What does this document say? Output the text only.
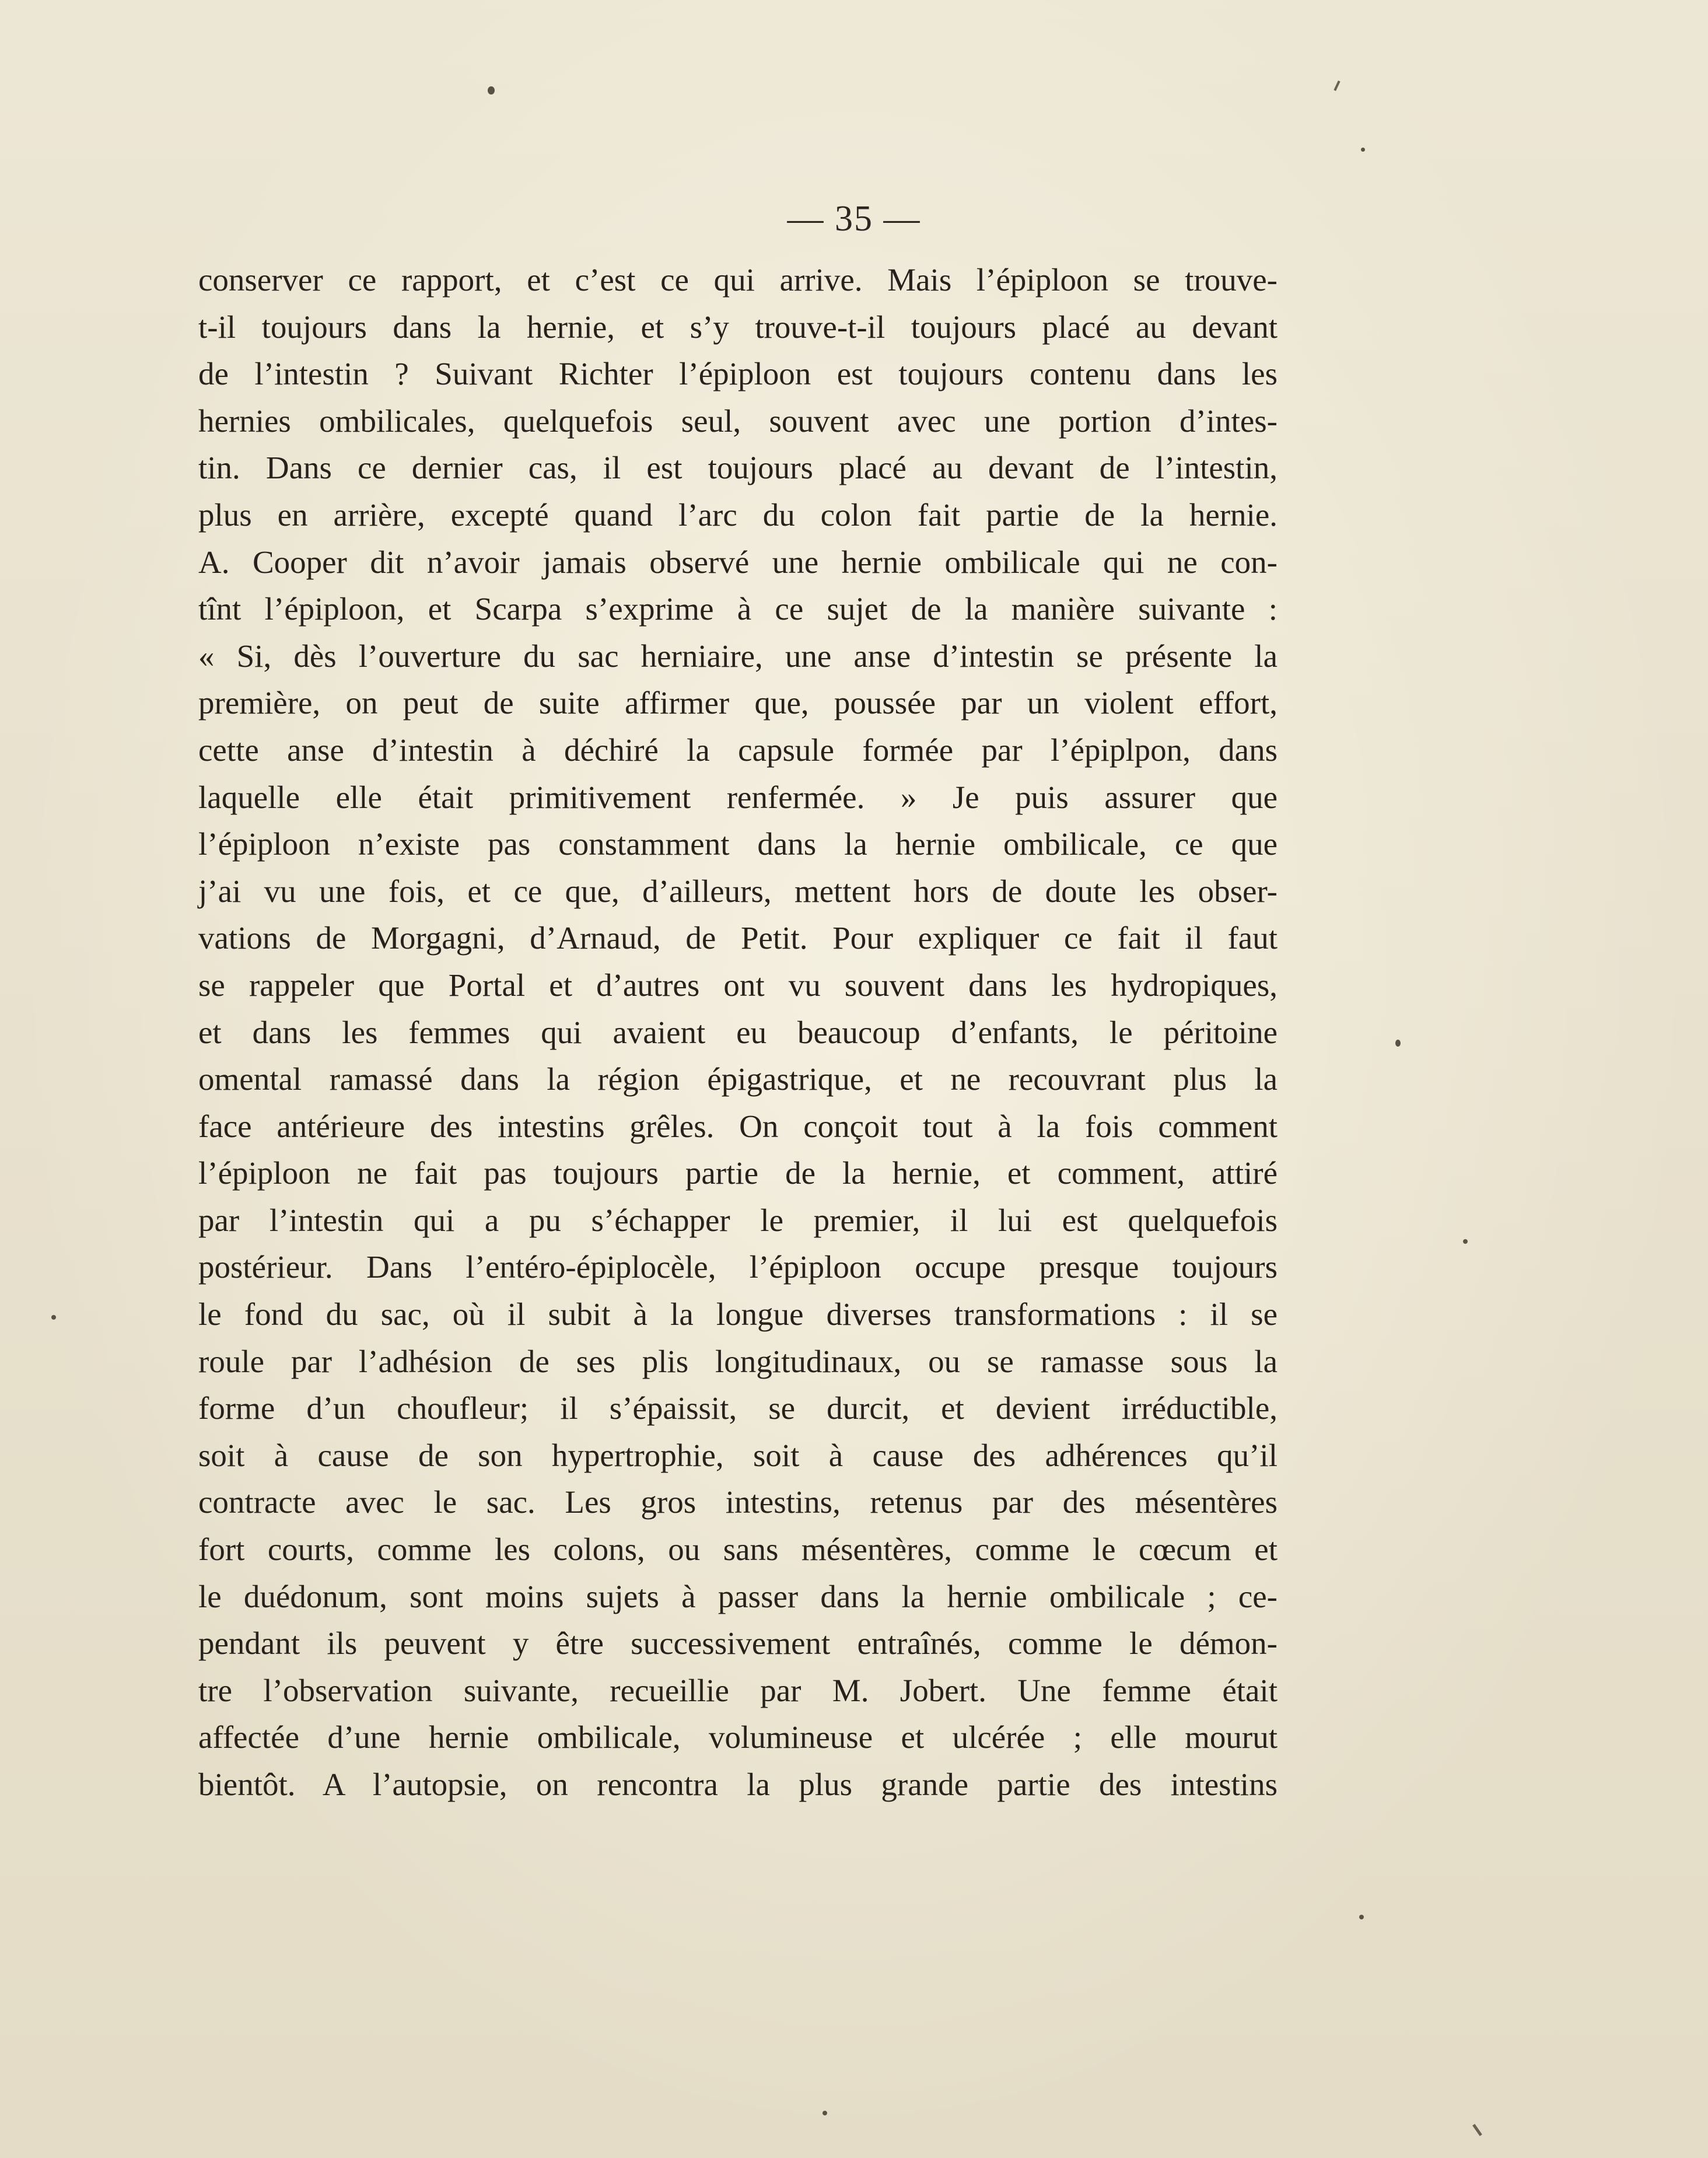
— 35 —
conserver ce rapport, et c’est ce qui arrive. Mais l’épiploon se trouve-
t-il toujours dans la hernie, et s’y trouve-t-il toujours placé au devant
de l’intestin ? Suivant Richter l’épiploon est toujours contenu dans les
hernies ombilicales, quelquefois seul, souvent avec une portion d’intes-
tin. Dans ce dernier cas, il est toujours placé au devant de l’intestin,
plus en arrière, excepté quand l’arc du colon fait partie de la hernie.
A. Cooper dit n’avoir jamais observé une hernie ombilicale qui ne con-
tînt l’épiploon, et Scarpa s’exprime à ce sujet de la manière suivante :
« Si, dès l’ouverture du sac herniaire, une anse d’intestin se présente la
première, on peut de suite affirmer que, poussée par un violent effort,
cette anse d’intestin à déchiré la capsule formée par l’épiplpon, dans
laquelle elle était primitivement renfermée. » Je puis assurer que
l’épiploon n’existe pas constamment dans la hernie ombilicale, ce que
j’ai vu une fois, et ce que, d’ailleurs, mettent hors de doute les obser-
vations de Morgagni, d’Arnaud, de Petit. Pour expliquer ce fait il faut
se rappeler que Portal et d’autres ont vu souvent dans les hydropiques,
et dans les femmes qui avaient eu beaucoup d’enfants, le péritoine
omental ramassé dans la région épigastrique, et ne recouvrant plus la
face antérieure des intestins grêles. On conçoit tout à la fois comment
l’épiploon ne fait pas toujours partie de la hernie, et comment, attiré
par l’intestin qui a pu s’échapper le premier, il lui est quelquefois
postérieur. Dans l’entéro-épiplocèle, l’épiploon occupe presque toujours
le fond du sac, où il subit à la longue diverses transformations : il se
roule par l’adhésion de ses plis longitudinaux, ou se ramasse sous la
forme d’un choufleur; il s’épaissit, se durcit, et devient irréductible,
soit à cause de son hypertrophie, soit à cause des adhérences qu’il
contracte avec le sac. Les gros intestins, retenus par des mésentères
fort courts, comme les colons, ou sans mésentères, comme le cœcum et
le duédonum, sont moins sujets à passer dans la hernie ombilicale ; ce-
pendant ils peuvent y être successivement entraînés, comme le démon-
tre l’observation suivante, recueillie par M. Jobert. Une femme était
affectée d’une hernie ombilicale, volumineuse et ulcérée ; elle mourut
bientôt. A l’autopsie, on rencontra la plus grande partie des intestins
